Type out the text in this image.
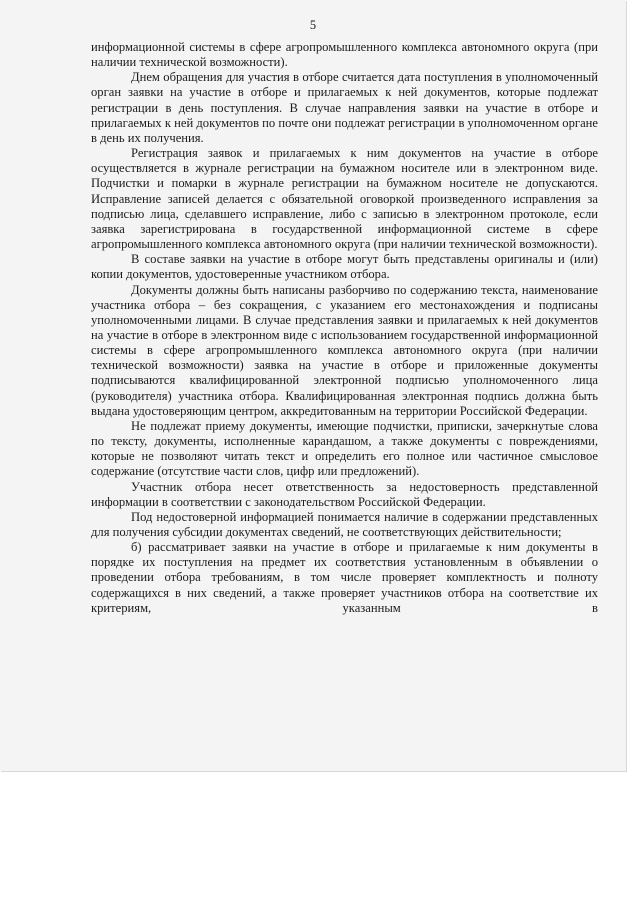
5

информационной системы в сфере агропромышленного комплекса автономного округа (при наличии технической возможности).

Днем обращения для участия в отборе считается дата поступления в уполномоченный орган заявки на участие в отборе и прилагаемых к ней документов, которые подлежат регистрации в день поступления. В случае направления заявки на участие в отборе и прилагаемых к ней документов по почте они подлежат регистрации в уполномоченном органе в день их получения.

Регистрация заявок и прилагаемых к ним документов на участие в отборе осуществляется в журнале регистрации на бумажном носителе или в электронном виде. Подчистки и помарки в журнале регистрации на бумажном носителе не допускаются. Исправление записей делается с обязательной оговоркой произведенного исправления за подписью лица, сделавшего исправление, либо с записью в электронном протоколе, если заявка зарегистрирована в государственной информационной системе в сфере агропромышленного комплекса автономного округа (при наличии технической возможности).

В составе заявки на участие в отборе могут быть представлены оригиналы и (или) копии документов, удостоверенные участником отбора.

Документы должны быть написаны разборчиво по содержанию текста, наименование участника отбора – без сокращения, с указанием его местонахождения и подписаны уполномоченными лицами. В случае представления заявки и прилагаемых к ней документов на участие в отборе в электронном виде с использованием государственной информационной системы в сфере агропромышленного комплекса автономного округа (при наличии технической возможности) заявка на участие в отборе и приложенные документы подписываются квалифицированной электронной подписью уполномоченного лица (руководителя) участника отбора. Квалифицированная электронная подпись должна быть выдана удостоверяющим центром, аккредитованным на территории Российской Федерации.

Не подлежат приему документы, имеющие подчистки, приписки, зачеркнутые слова по тексту, документы, исполненные карандашом, а также документы с повреждениями, которые не позволяют читать текст и определить его полное или частичное смысловое содержание (отсутствие части слов, цифр или предложений).

Участник отбора несет ответственность за недостоверность представленной информации в соответствии с законодательством Российской Федерации.

Под недостоверной информацией понимается наличие в содержании представленных для получения субсидии документах сведений, не соответствующих действительности;

б) рассматривает заявки на участие в отборе и прилагаемые к ним документы в порядке их поступления на предмет их соответствия установленным в объявлении о проведении отбора требованиям, в том числе проверяет комплектность и полноту содержащихся в них сведений, а также проверяет участников отбора на соответствие их критериям, указанным в
